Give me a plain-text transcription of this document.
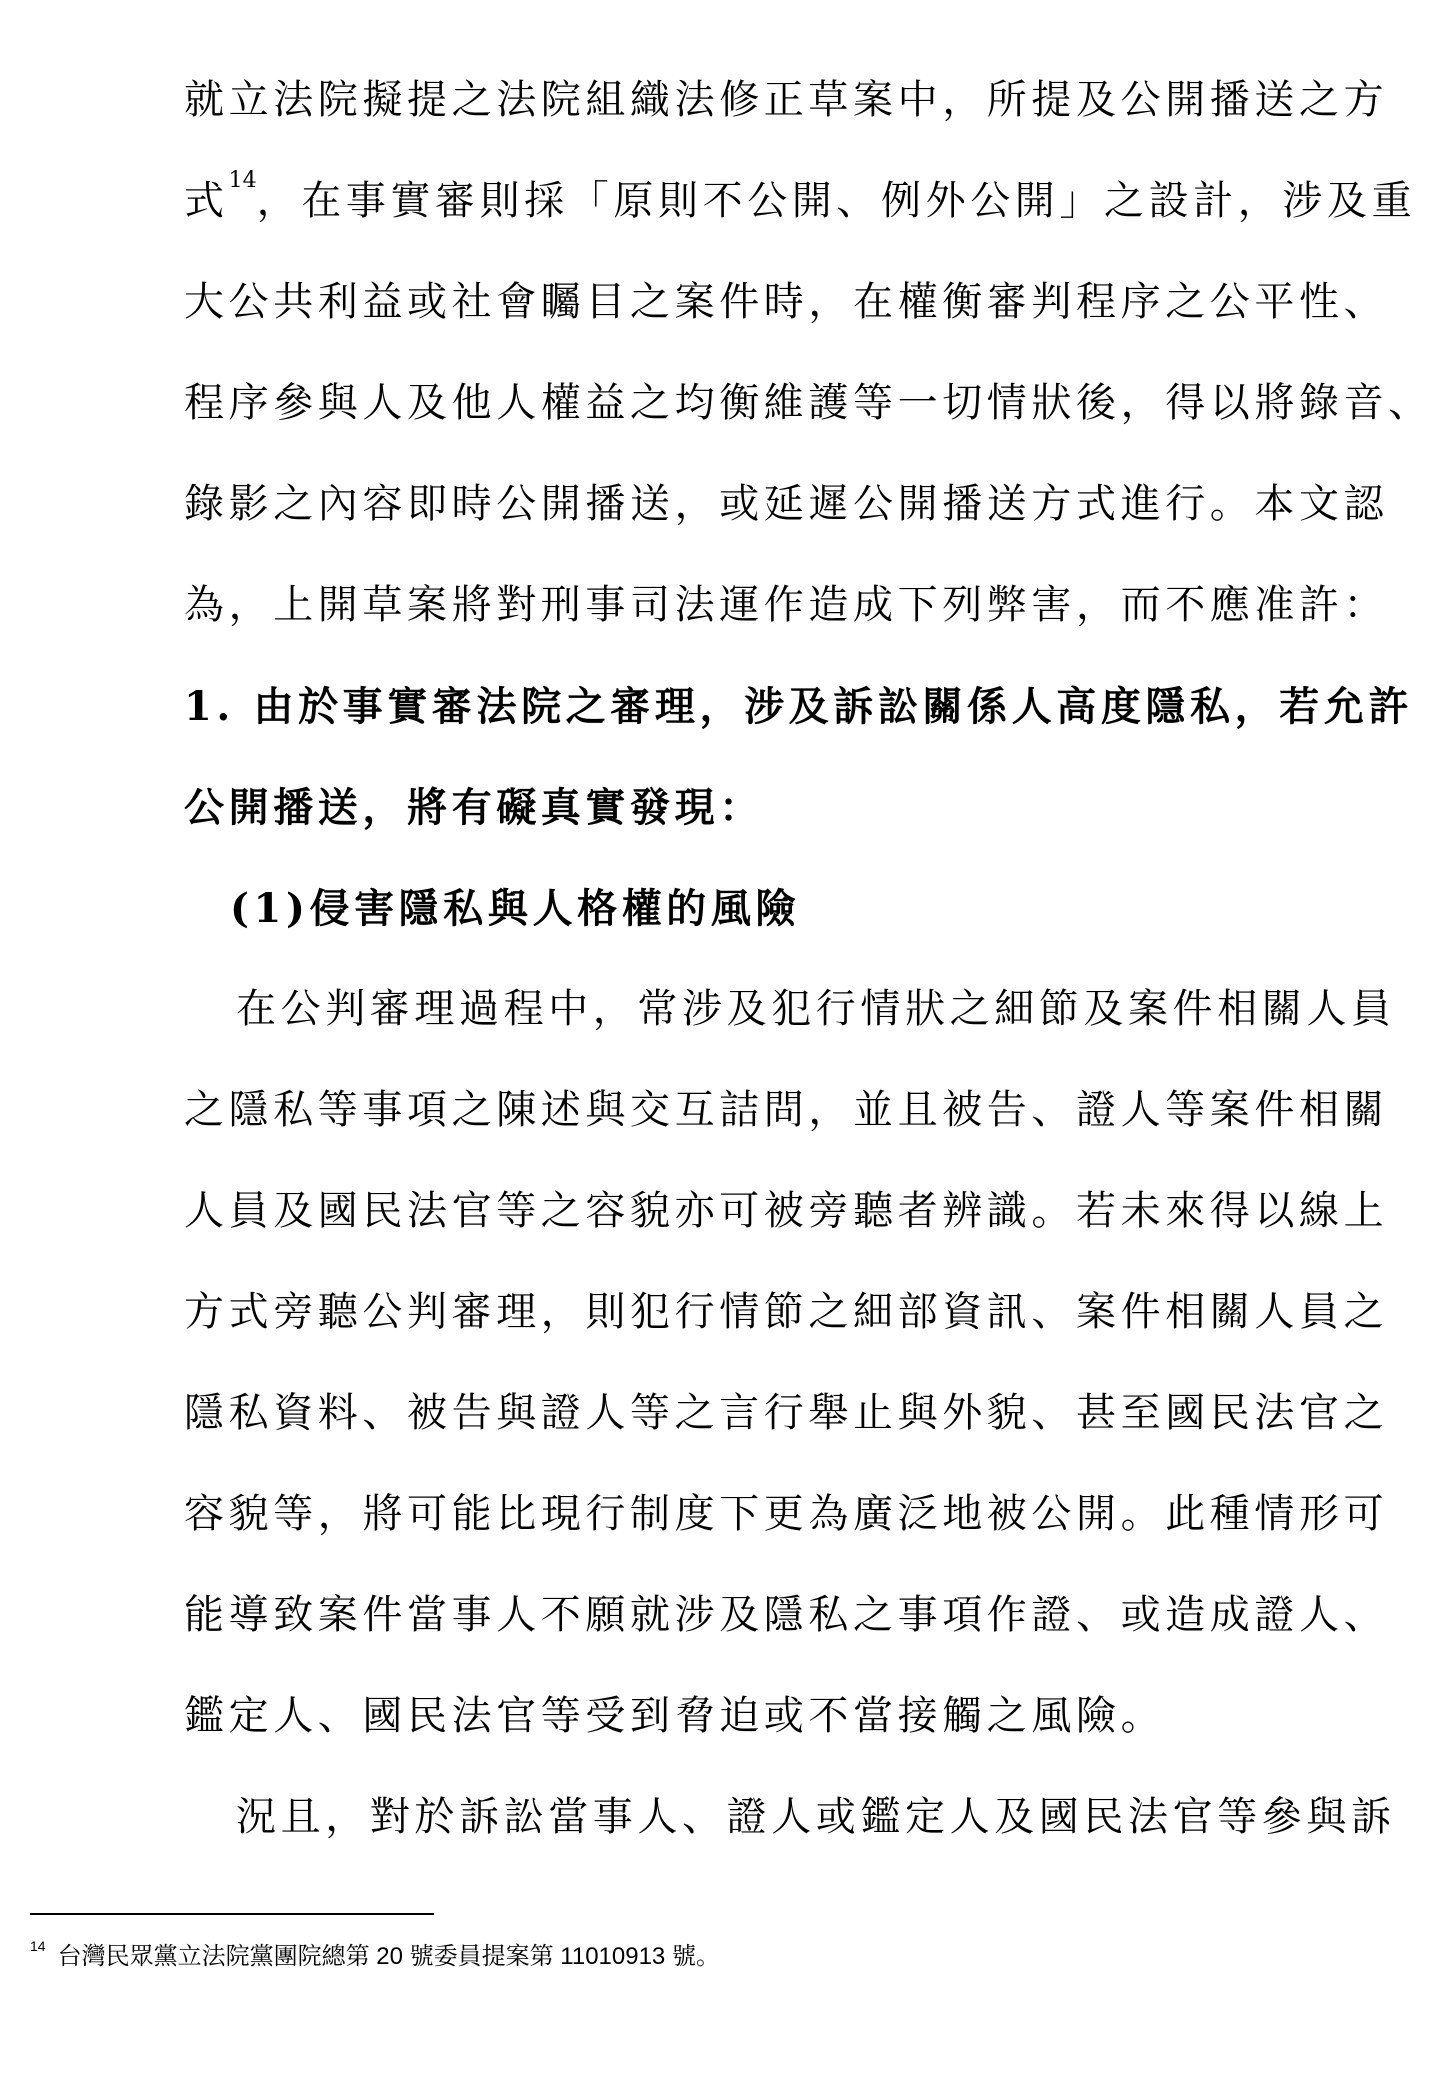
就立法院擬提之法院組織法修正草案中，所提及公開播送之方
式$^{14}$，在事實審則採「原則不公開、例外公開」之設計，涉及重
大公共利益或社會矚目之案件時，在權衡審判程序之公平性、
程序參與人及他人權益之均衡維護等一切情狀後，得以將錄音、
錄影之內容即時公開播送，或延遲公開播送方式進行。本文認
為，上開草案將對刑事司法運作造成下列弊害，而不應准許：
1. 由於事實審法院之審理，涉及訴訟關係人高度隱私，若允許
公開播送，將有礙真實發現：
(1)侵害隱私與人格權的風險
在公判審理過程中，常涉及犯行情狀之細節及案件相關人員
之隱私等事項之陳述與交互詰問，並且被告、證人等案件相關
人員及國民法官等之容貌亦可被旁聽者辨識。若未來得以線上
方式旁聽公判審理，則犯行情節之細部資訊、案件相關人員之
隱私資料、被告與證人等之言行舉止與外貌、甚至國民法官之
容貌等，將可能比現行制度下更為廣泛地被公開。此種情形可
能導致案件當事人不願就涉及隱私之事項作證、或造成證人、
鑑定人、國民法官等受到脅迫或不當接觸之風險。
況且，對於訴訟當事人、證人或鑑定人及國民法官等參與訴
$^{14}$ 台灣民眾黨立法院黨團院總第 20 號委員提案第 11010913 號。
